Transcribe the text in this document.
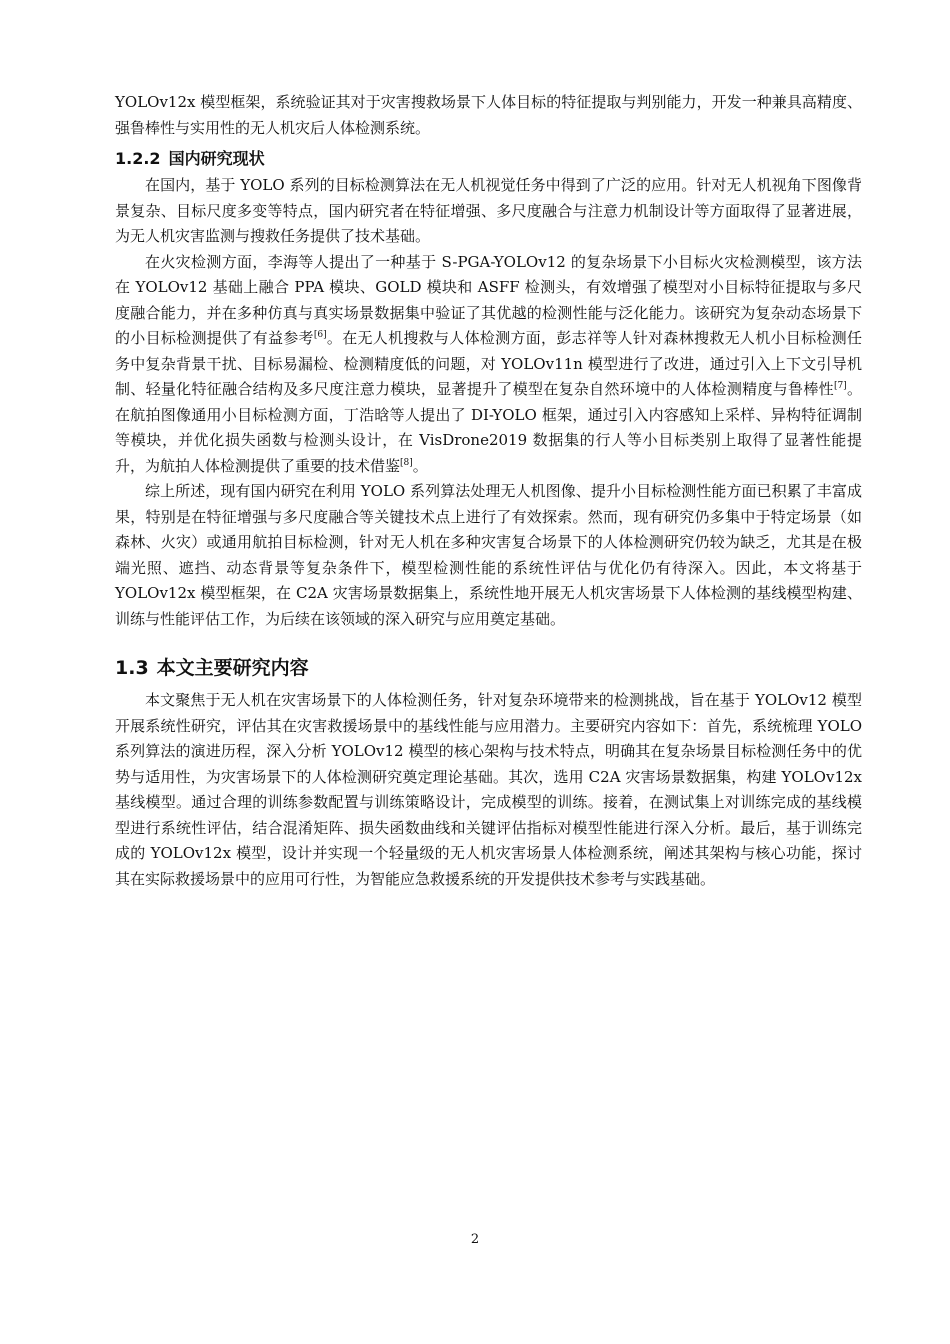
YOLOv12x 模型框架，系统验证其对于灾害搜救场景下人体目标的特征提取与判别能力，开发一种兼具高精度、强鲁棒性与实用性的无人机灾后人体检测系统。

1.2.2 国内研究现状

在国内，基于 YOLO 系列的目标检测算法在无人机视觉任务中得到了广泛的应用。针对无人机视角下图像背景复杂、目标尺度多变等特点，国内研究者在特征增强、多尺度融合与注意力机制设计等方面取得了显著进展，为无人机灾害监测与搜救任务提供了技术基础。

在火灾检测方面，李海等人提出了一种基于 S-PGA-YOLOv12 的复杂场景下小目标火灾检测模型，该方法在 YOLOv12 基础上融合 PPA 模块、GOLD 模块和 ASFF 检测头，有效增强了模型对小目标特征提取与多尺度融合能力，并在多种仿真与真实场景数据集中验证了其优越的检测性能与泛化能力。该研究为复杂动态场景下的小目标检测提供了有益参考[6]。在无人机搜救与人体检测方面，彭志祥等人针对森林搜救无人机小目标检测任务中复杂背景干扰、目标易漏检、检测精度低的问题，对 YOLOv11n 模型进行了改进，通过引入上下文引导机制、轻量化特征融合结构及多尺度注意力模块，显著提升了模型在复杂自然环境中的人体检测精度与鲁棒性[7]。在航拍图像通用小目标检测方面，丁浩晗等人提出了 DI-YOLO 框架，通过引入内容感知上采样、异构特征调制等模块，并优化损失函数与检测头设计，在 VisDrone2019 数据集的行人等小目标类别上取得了显著性能提升，为航拍人体检测提供了重要的技术借鉴[8]。

综上所述，现有国内研究在利用 YOLO 系列算法处理无人机图像、提升小目标检测性能方面已积累了丰富成果，特别是在特征增强与多尺度融合等关键技术点上进行了有效探索。然而，现有研究仍多集中于特定场景（如森林、火灾）或通用航拍目标检测，针对无人机在多种灾害复合场景下的人体检测研究仍较为缺乏，尤其是在极端光照、遮挡、动态背景等复杂条件下，模型检测性能的系统性评估与优化仍有待深入。因此，本文将基于 YOLOv12x 模型框架，在 C2A 灾害场景数据集上，系统性地开展无人机灾害场景下人体检测的基线模型构建、训练与性能评估工作，为后续在该领域的深入研究与应用奠定基础。

1.3 本文主要研究内容

本文聚焦于无人机在灾害场景下的人体检测任务，针对复杂环境带来的检测挑战，旨在基于 YOLOv12 模型开展系统性研究，评估其在灾害救援场景中的基线性能与应用潜力。主要研究内容如下：首先，系统梳理 YOLO 系列算法的演进历程，深入分析 YOLOv12 模型的核心架构与技术特点，明确其在复杂场景目标检测任务中的优势与适用性，为灾害场景下的人体检测研究奠定理论基础。其次，选用 C2A 灾害场景数据集，构建 YOLOv12x 基线模型。通过合理的训练参数配置与训练策略设计，完成模型的训练。接着，在测试集上对训练完成的基线模型进行系统性评估，结合混淆矩阵、损失函数曲线和关键评估指标对模型性能进行深入分析。最后，基于训练完成的 YOLOv12x 模型，设计并实现一个轻量级的无人机灾害场景人体检测系统，阐述其架构与核心功能，探讨其在实际救援场景中的应用可行性，为智能应急救援系统的开发提供技术参考与实践基础。

2
